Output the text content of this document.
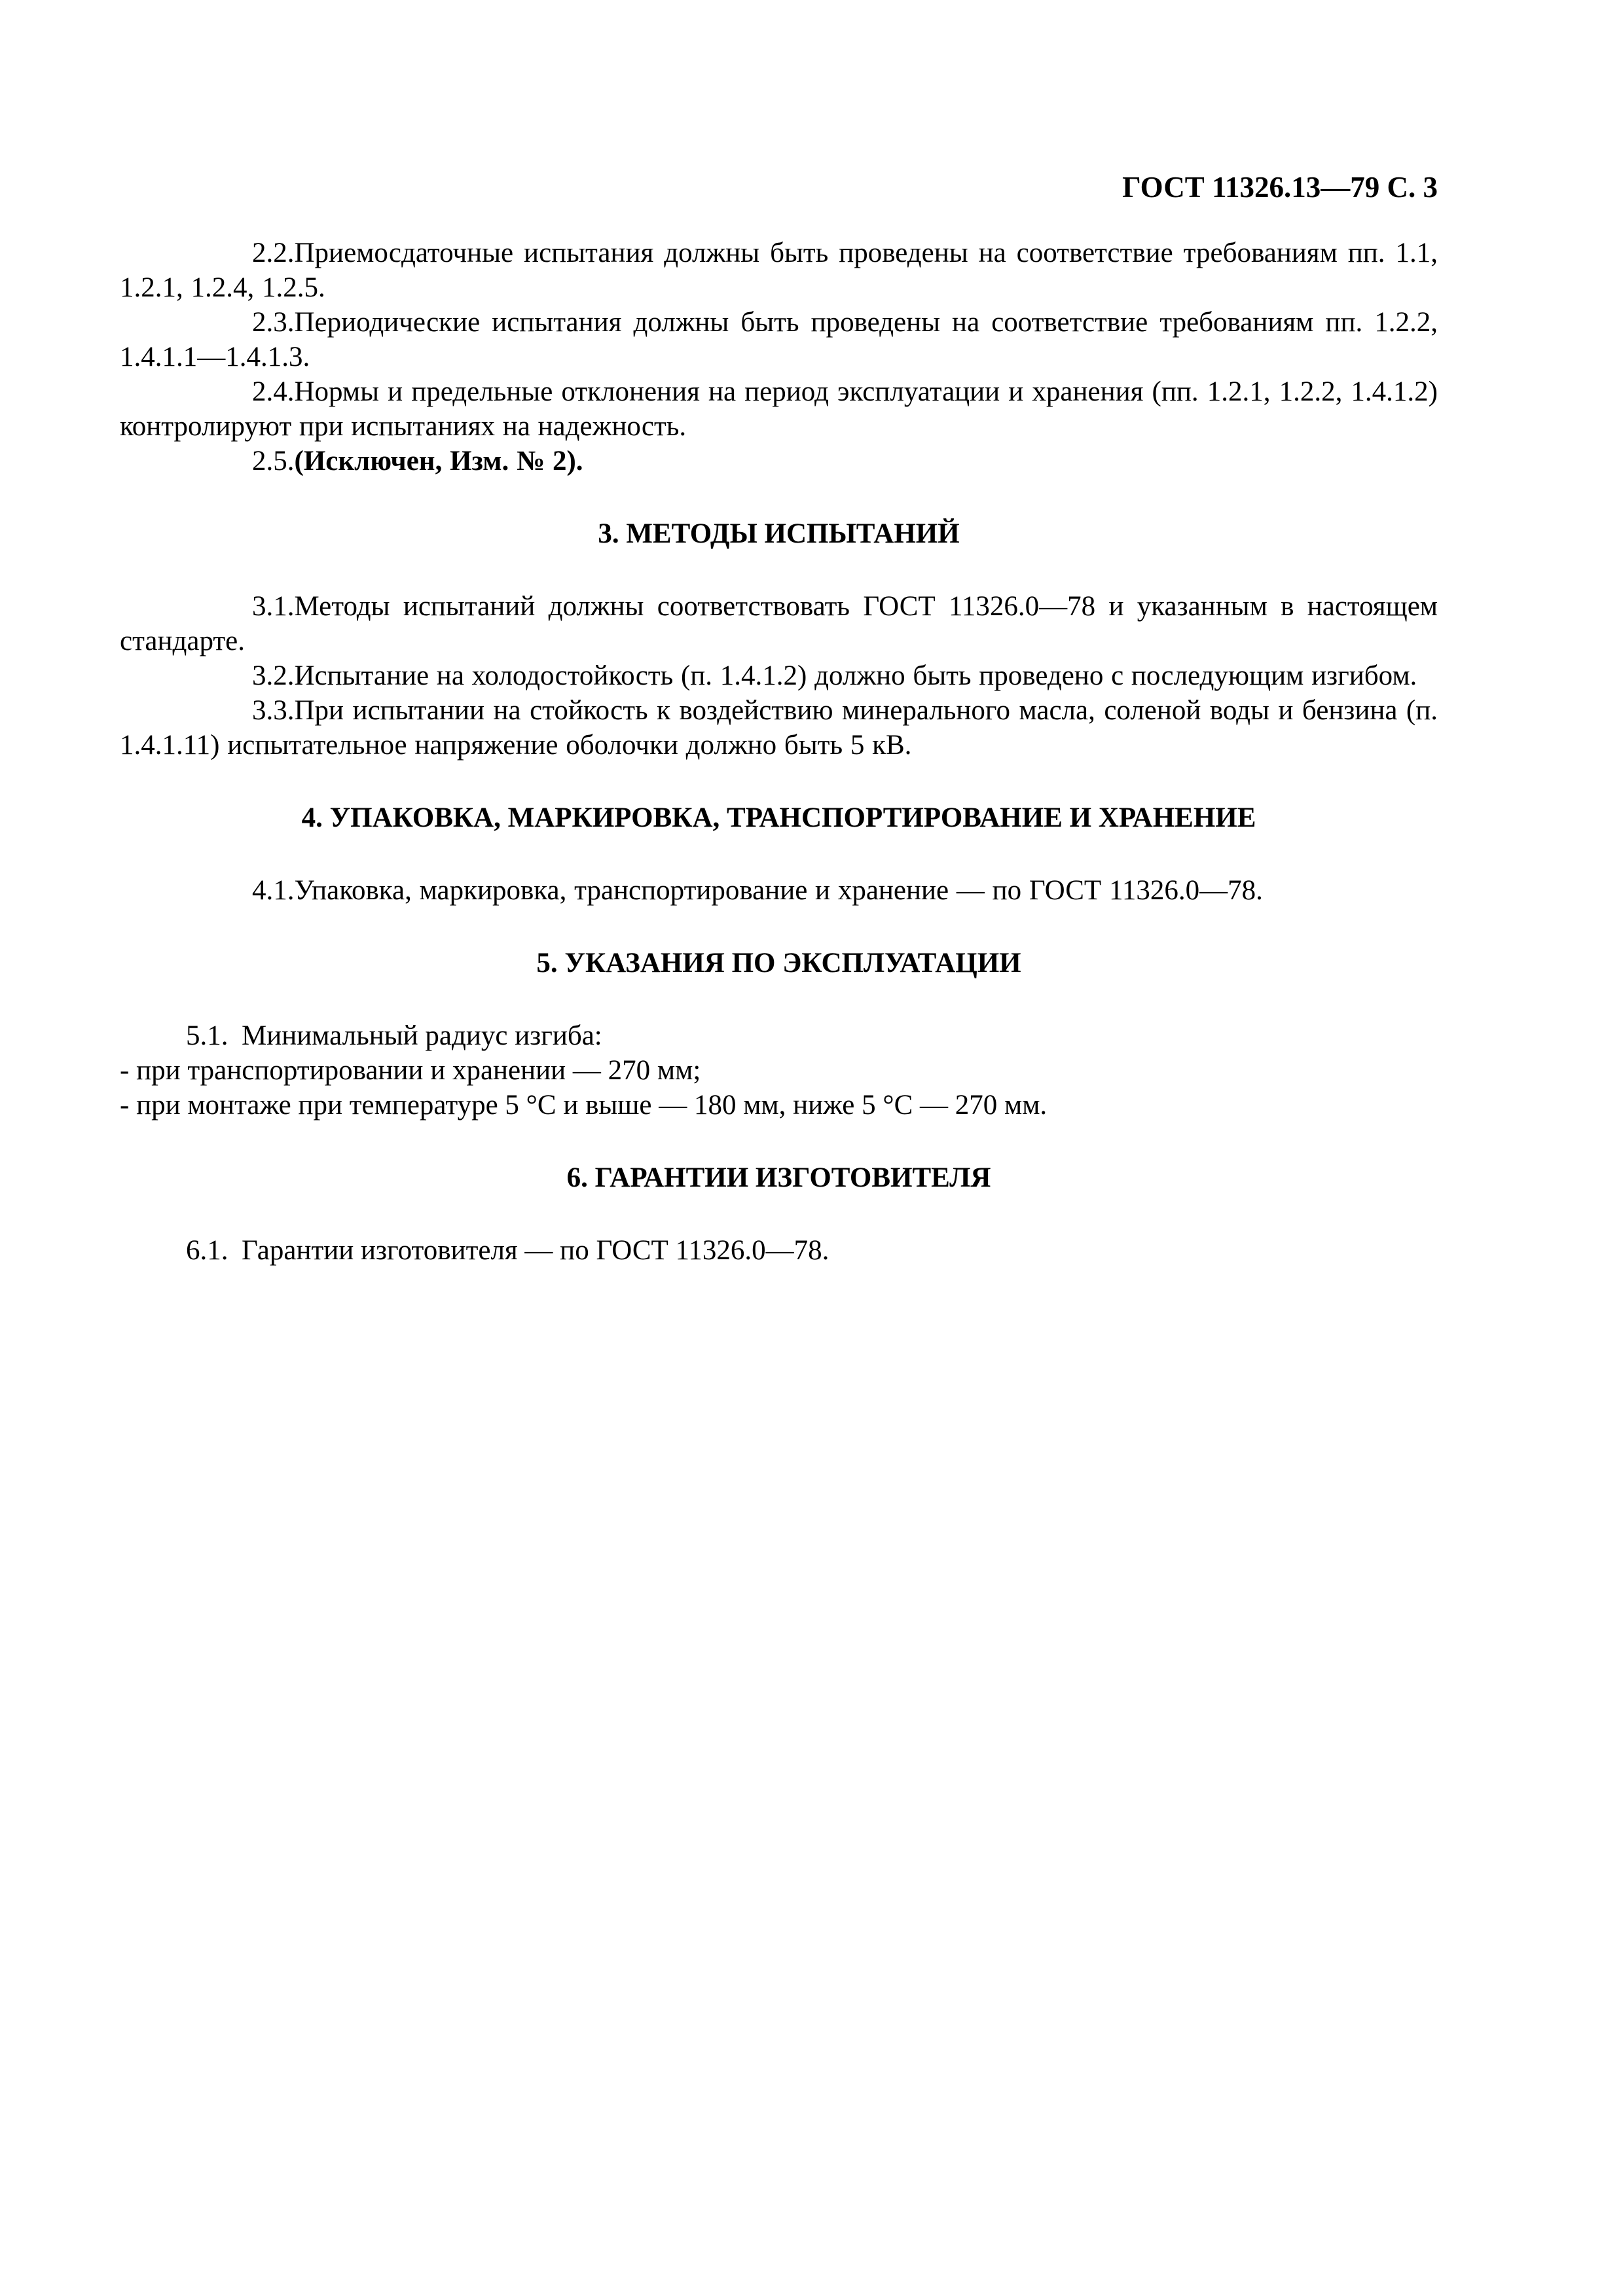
ГОСТ 11326.13—79 С. 3

2.2.Приемосдаточные испытания должны быть проведены на соответствие требованиям пп. 1.1, 1.2.1, 1.2.4, 1.2.5.

2.3.Периодические испытания должны быть проведены на соответствие требованиям пп. 1.2.2, 1.4.1.1—1.4.1.3.

2.4.Нормы и предельные отклонения на период эксплуатации и хранения (пп. 1.2.1, 1.2.2, 1.4.1.2) контролируют при испытаниях на надежность.

2.5.(Исключен, Изм. № 2).

3. МЕТОДЫ ИСПЫТАНИЙ

3.1.Методы испытаний должны соответствовать ГОСТ 11326.0—78 и указанным в настоящем стандарте.

3.2.Испытание на холодостойкость (п. 1.4.1.2) должно быть проведено с последующим изгибом.

3.3.При испытании на стойкость к воздействию минерального масла, соленой воды и бензина (п. 1.4.1.11) испытательное напряжение оболочки должно быть 5 кВ.

4. УПАКОВКА, МАРКИРОВКА, ТРАНСПОРТИРОВАНИЕ И ХРАНЕНИЕ

4.1.Упаковка, маркировка, транспортирование и хранение — по ГОСТ 11326.0—78.

5. УКАЗАНИЯ ПО ЭКСПЛУАТАЦИИ

5.1. Минимальный радиус изгиба:

- при транспортировании и хранении — 270 мм;

- при монтаже при температуре 5 °С и выше — 180 мм, ниже 5 °С — 270 мм.

6. ГАРАНТИИ ИЗГОТОВИТЕЛЯ

6.1. Гарантии изготовителя — по ГОСТ 11326.0—78.
